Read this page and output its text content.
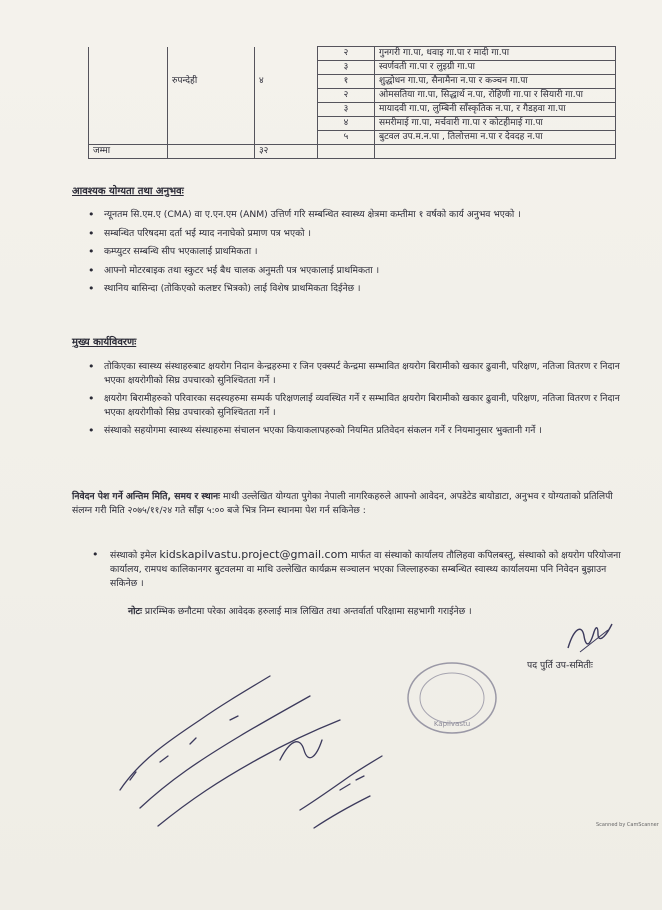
			२	गुनगरी गा.पा, धवाइ गा.पा र मादी गा.पा
			३	स्वर्णवती गा.पा र लुइग्री गा.पा
	रुपन्देही	४	१	शुद्धोधन गा.पा, सैनामैना न.पा र कञ्चन गा.पा
			२	ओमसतिया गा.पा, सिद्धार्थ न.पा, रोहिणी गा.पा र सियारी गा.पा
			३	मायादवी गा.पा, लुम्बिनी साँस्कृतिक न.पा, र गैडहवा गा.पा
			४	समरीमाई गा.पा, मर्चवारी गा.पा र कोटहीमाई गा.पा
			५	बुटवल उप.म.न.पा , तिलोत्तमा न.पा र देवदह न.पा
जम्मा		३२		
आवश्यक योग्यता तथा अनुभवः
• न्यूनतम सि.एम.ए (CMA) वा ए.एन.एम (ANM) उत्तिर्ण गरि सम्बन्धित स्वास्थ्य क्षेत्रमा कम्तीमा १ वर्षको कार्य अनुभव भएको ।
• सम्बन्धित परिषदमा दर्ता भई म्याद ननाघेको प्रमाण पत्र भएको ।
• कम्प्युटर सम्बन्धि सीप भएकालाई प्राथमिकता ।
• आफ्नो मोटरबाइक तथा स्कुटर भई बैध चालक अनुमती पत्र भएकालाई प्राथमिकता ।
• स्थानिय बासिन्दा (तोकिएको कलष्टर भित्रको) लाई विशेष प्राथमिकता दिईनेछ ।
मुख्य कार्यविवरणः
• तोकिएका स्वास्थ्य संस्थाहरुबाट क्षयरोग निदान केन्द्रहरुमा र जिन एक्स्पर्ट केन्द्रमा सम्भावित क्षयरोग बिरामीको खकार ढुवानी, परिक्षण, नतिजा वितरण र निदान भएका क्षयरोगीको सिघ्र उपचारको सुनिश्चितता गर्ने ।
• क्षयरोग बिरामीहरुको परिवारका सदस्यहरुमा सम्पर्क परिक्षणलाई व्यवस्थित गर्ने र सम्भावित क्षयरोग बिरामीको खकार ढुवानी, परिक्षण, नतिजा वितरण र निदान भएका क्षयरोगीको सिघ्र उपचारको सुनिश्चितता गर्ने ।
• संस्थाको सहयोगमा स्वास्थ्य संस्थाहरुमा संचालन भएका कियाकलापहरुको नियमित प्रतिवेदन संकलन गर्ने र नियमानुसार भुक्तानी गर्ने ।
निवेदन पेश गर्ने अन्तिम मिति, समय र स्थानः माथी उल्लेखित योग्यता पुगेका नेपाली नागरिकहरुले आफ्नो आवेदन, अपडेटेड बायोडाटा, अनुभव र योग्यताको प्रतिलिपी संलग्न गरी मिति २०७५/११/२४ गते साँझ ५:०० बजे भित्र निम्न स्थानमा पेश गर्न सकिनेछ :
• संस्थाको इमेल kidskapilvastu.project@gmail.com मार्फत वा संस्थाको कार्यालय तौलिहवा कपिलबस्तु, संस्थाको को क्षयरोग परियोजना कार्यालय, रामपथ कालिकानगर बुटवलमा वा माथि उल्लेखित कार्यक्रम सञ्चालन भएका जिल्लाहरुका सम्बन्धित स्वास्थ्य कार्यालयमा पनि निवेदन बुझाउन सकिनेछ ।
नोटः प्रारम्भिक छनौटमा परेका आवेदक हरुलाई मात्र लिखित तथा अन्तर्वार्ता परिक्षामा सहभागी गराईनेछ ।
पद पुर्ति उप-समितीः
Kapilvastu
Scanned by CamScanner
